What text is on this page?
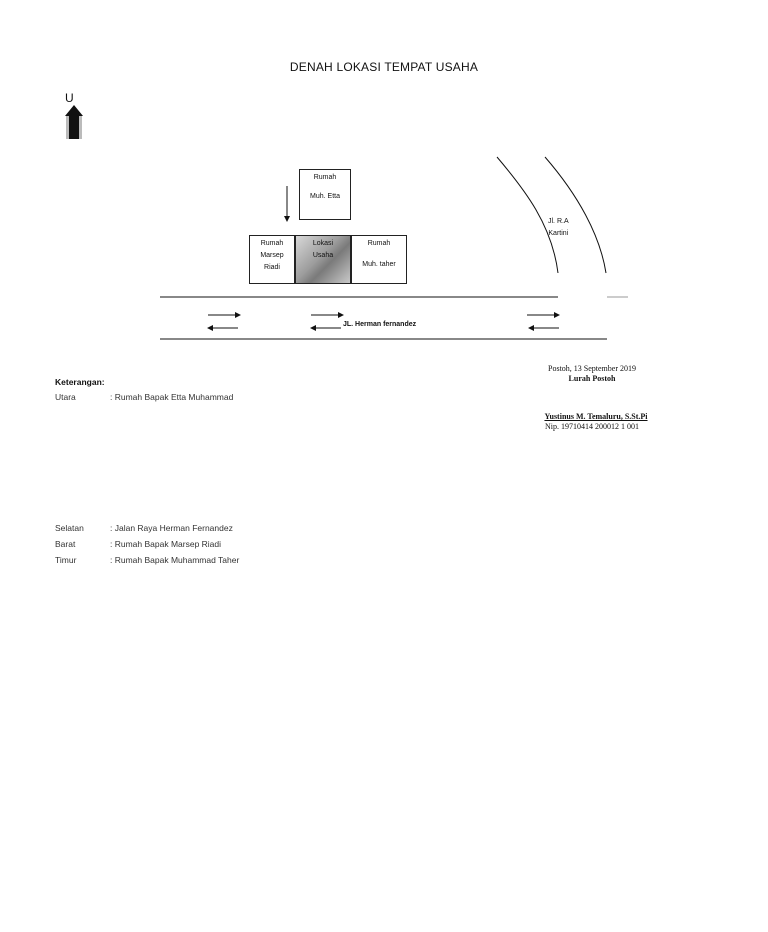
DENAH LOKASI TEMPAT USAHA
U
Rumah
Muh. Etta
Rumah
Marsep
Riadi
Lokasi
Usaha
Rumah
Muh. taher
JL. Herman fernandez
Jl. R.A
Kartini
Postoh, 13 September 2019
Lurah Postoh
Yustinus M. Temaluru, S.St.Pi
Nip. 19710414 200012 1 001
Keterangan:
Utara	: Rumah Bapak Etta Muhammad
Selatan	: Jalan Raya Herman Fernandez
Barat	: Rumah Bapak Marsep Riadi
Timur	: Rumah Bapak Muhammad Taher
